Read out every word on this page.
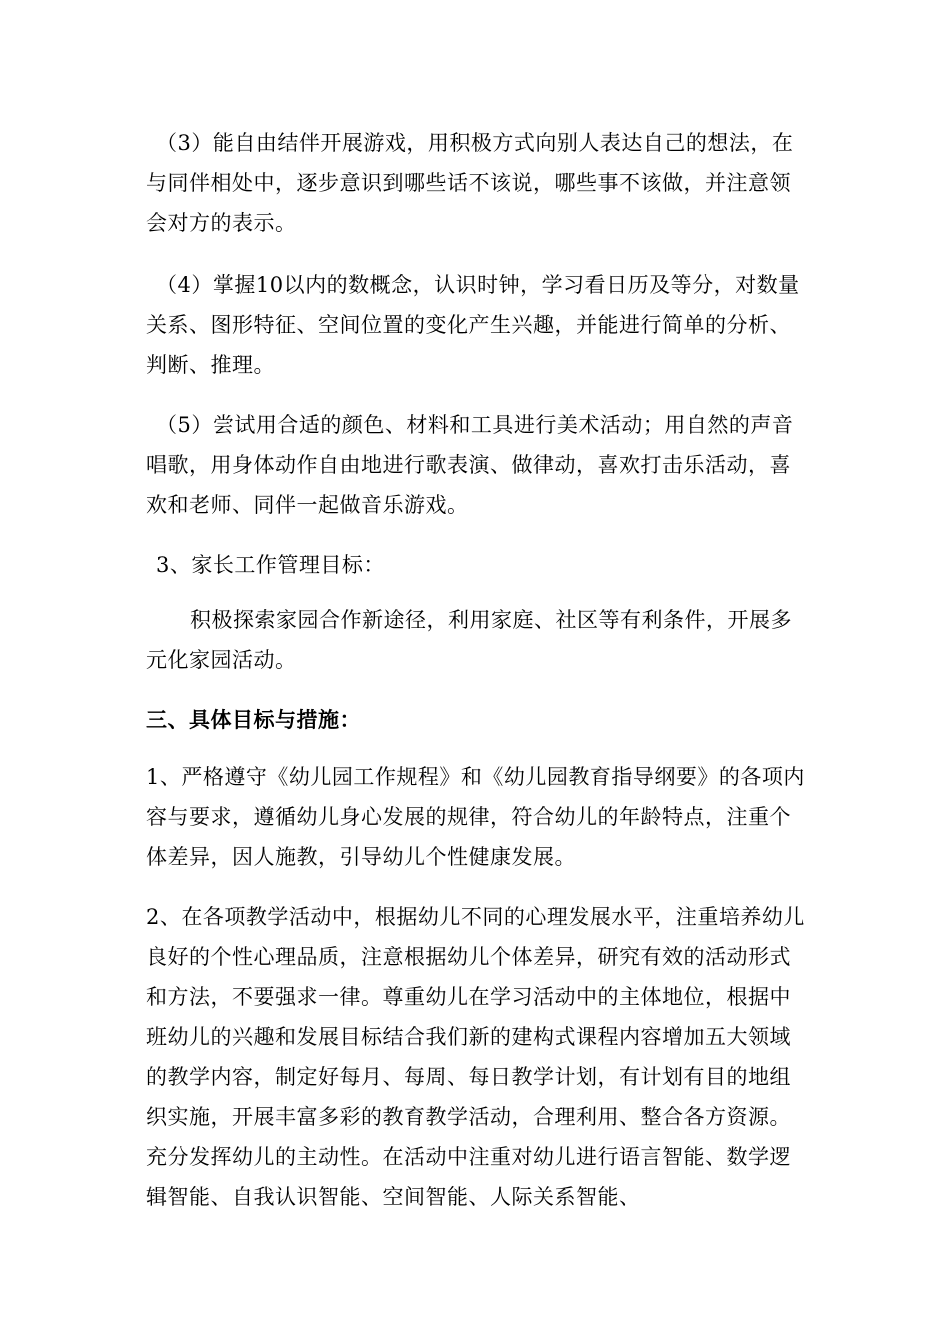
（3）能自由结伴开展游戏，用积极方式向别人表达自己的想法，在与同伴相处中，逐步意识到哪些话不该说，哪些事不该做，并注意领会对方的表示。

（4）掌握10以内的数概念，认识时钟，学习看日历及等分，对数量关系、图形特征、空间位置的变化产生兴趣，并能进行简单的分析、判断、推理。

（5）尝试用合适的颜色、材料和工具进行美术活动；用自然的声音唱歌，用身体动作自由地进行歌表演、做律动，喜欢打击乐活动，喜欢和老师、同伴一起做音乐游戏。

3、家长工作管理目标：

积极探索家园合作新途径，利用家庭、社区等有利条件，开展多元化家园活动。

三、具体目标与措施：

1、严格遵守《幼儿园工作规程》和《幼儿园教育指导纲要》的各项内容与要求，遵循幼儿身心发展的规律，符合幼儿的年龄特点，注重个体差异，因人施教，引导幼儿个性健康发展。

2、在各项教学活动中，根据幼儿不同的心理发展水平，注重培养幼儿良好的个性心理品质，注意根据幼儿个体差异，研究有效的活动形式和方法，不要强求一律。尊重幼儿在学习活动中的主体地位，根据中班幼儿的兴趣和发展目标结合我们新的建构式课程内容增加五大领域的教学内容，制定好每月、每周、每日教学计划，有计划有目的地组织实施，开展丰富多彩的教育教学活动，合理利用、整合各方资源。充分发挥幼儿的主动性。在活动中注重对幼儿进行语言智能、数学逻辑智能、自我认识智能、空间智能、人际关系智能、
